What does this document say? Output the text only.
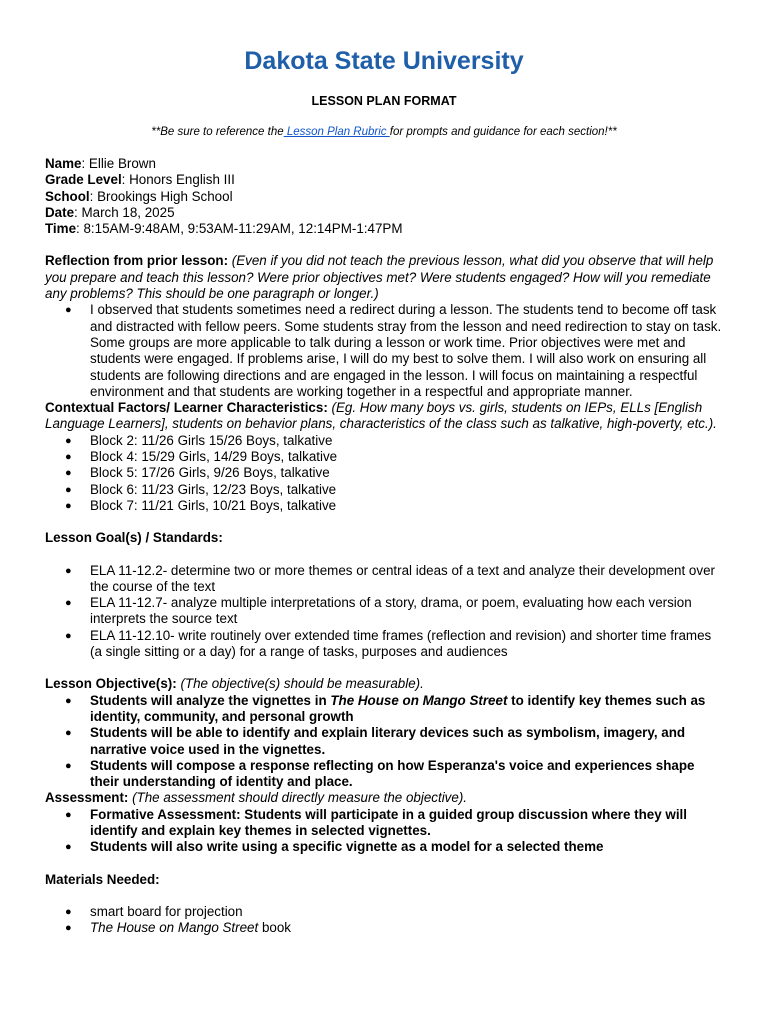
Dakota State University
LESSON PLAN FORMAT
**Be sure to reference the Lesson Plan Rubric for prompts and guidance for each section!**
Name: Ellie Brown
Grade Level: Honors English III
School: Brookings High School
Date: March 18, 2025
Time: 8:15AM-9:48AM, 9:53AM-11:29AM, 12:14PM-1:47PM
Reflection from prior lesson: (Even if you did not teach the previous lesson, what did you observe that will help you prepare and teach this lesson? Were prior objectives met? Were students engaged? How will you remediate any problems? This should be one paragraph or longer.)
● I observed that students sometimes need a redirect during a lesson. The students tend to become off task and distracted with fellow peers. Some students stray from the lesson and need redirection to stay on task. Some groups are more applicable to talk during a lesson or work time. Prior objectives were met and students were engaged. If problems arise, I will do my best to solve them. I will also work on ensuring all students are following directions and are engaged in the lesson. I will focus on maintaining a respectful environment and that students are working together in a respectful and appropriate manner.
Contextual Factors/ Learner Characteristics: (Eg. How many boys vs. girls, students on IEPs, ELLs [English Language Learners], students on behavior plans, characteristics of the class such as talkative, high-poverty, etc.).
● Block 2: 11/26 Girls 15/26 Boys, talkative
● Block 4: 15/29 Girls, 14/29 Boys, talkative
● Block 5: 17/26 Girls, 9/26 Boys, talkative
● Block 6: 11/23 Girls, 12/23 Boys, talkative
● Block 7: 11/21 Girls, 10/21 Boys, talkative
Lesson Goal(s) / Standards:
● ELA 11-12.2- determine two or more themes or central ideas of a text and analyze their development over the course of the text
● ELA 11-12.7- analyze multiple interpretations of a story, drama, or poem, evaluating how each version interprets the source text
● ELA 11-12.10- write routinely over extended time frames (reflection and revision) and shorter time frames (a single sitting or a day) for a range of tasks, purposes and audiences
Lesson Objective(s): (The objective(s) should be measurable).
● Students will analyze the vignettes in The House on Mango Street to identify key themes such as identity, community, and personal growth
● Students will be able to identify and explain literary devices such as symbolism, imagery, and narrative voice used in the vignettes.
● Students will compose a response reflecting on how Esperanza's voice and experiences shape their understanding of identity and place.
Assessment: (The assessment should directly measure the objective).
● Formative Assessment: Students will participate in a guided group discussion where they will identify and explain key themes in selected vignettes.
● Students will also write using a specific vignette as a model for a selected theme
Materials Needed:
● smart board for projection
● The House on Mango Street book
